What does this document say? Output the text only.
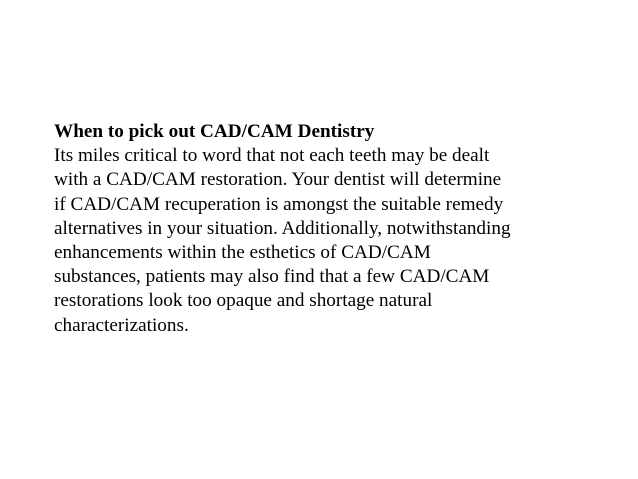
When to pick out CAD/CAM Dentistry

Its miles critical to word that not each teeth may be dealt

with a CAD/CAM restoration. Your dentist will determine

if CAD/CAM recuperation is amongst the suitable remedy

alternatives in your situation. Additionally, notwithstanding

enhancements within the esthetics of CAD/CAM

substances, patients may also find that a few CAD/CAM

restorations look too opaque and shortage natural

characterizations.
